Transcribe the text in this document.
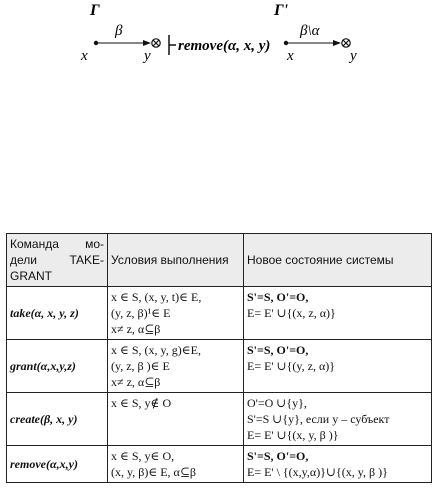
Γ
β
x	y
remove(α, x, y)
Γ'
β\α
x	y
Команда мо-дели TAKE-GRANT	Условия выполнения	Новое состояние системы
take(α, x, y, z)	x ∈ S, (x, y, t)∈ E,
(y, z, β)¹∈ E
x≠ z, α⊆β	S'=S, O'=O,
E= E' ∪{(x, z, α)}

grant(α,x,y,z)	x ∈ S, (x, y, g)∈E,
(y, z, β )∈ E
x≠ z, α⊆β	S'=S, O'=O,
E= E' ∪{(y, z, α)}

create(β, x, y)	x ∈ S, y∉ O	O'=O ∪{y},
S'=S ∪{y}, если y – субъект
E= E' ∪{(x, y, β )}

remove(α,x,y)	x ∈ S, y∈ O,
(x, y, β)∈ E, α⊆β	S'=S, O'=O,
E= E' \ {(x,y,α)}∪{(x, y, β )}
